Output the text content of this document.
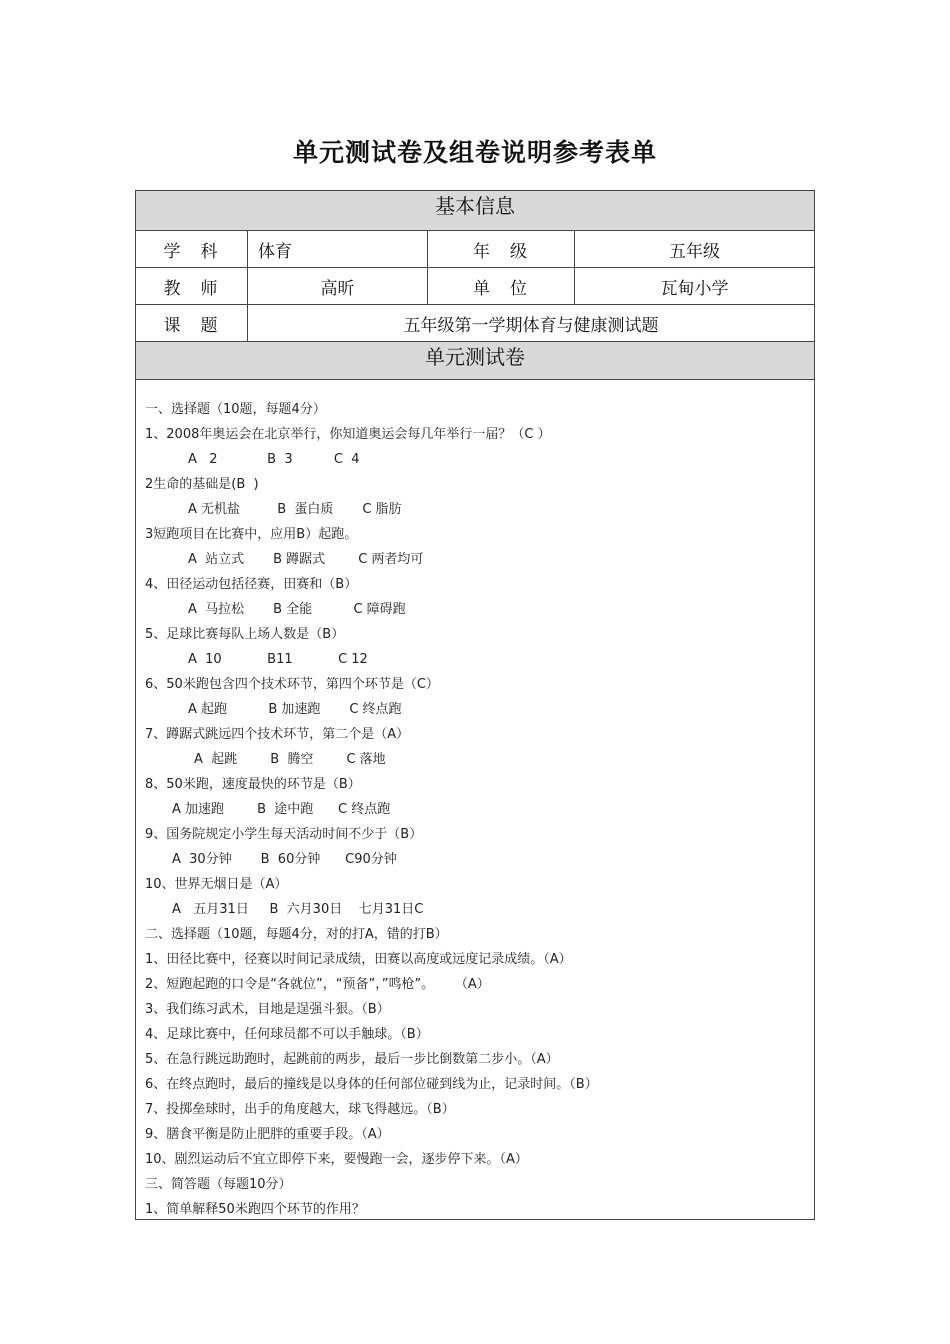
单元测试卷及组卷说明参考表单
基本信息
学科	体育	年级	五年级
教师	高昕	单位	瓦甸小学
课题	五年级第一学期体育与健康测试题
单元测试卷
一、选择题（10题，每题4分）
1、2008年奥运会在北京举行，你知道奥运会每几年举行一届？（C ）
A   2            B  3          C  4
2生命的基础是(B  )
A 无机盐         B  蛋白质       C 脂肪
3短跑项目在比赛中，应用B）起跑。
A  站立式       B 蹲踞式        C 两者均可
4、田径运动包括径赛，田赛和（B）
A  马拉松       B 全能          C 障碍跑
5、足球比赛每队上场人数是（B）
A  10           B11           C 12
6、50米跑包含四个技术环节，第四个环节是（C）
A 起跑          B 加速跑       C 终点跑
7、蹲踞式跳远四个技术环节，第二个是（A）
A  起跳        B  腾空        C 落地
8、50米跑，速度最快的环节是（B）
A 加速跑        B  途中跑      C 终点跑
9、国务院规定小学生每天活动时间不少于（B）
A  30分钟       B  60分钟      C90分钟
10、世界无烟日是（A）
A   五月31日     B  六月30日    七月31日C
二、选择题（10题，每题4分，对的打A，错的打B）
1、田径比赛中，径赛以时间记录成绩，田赛以高度或远度记录成绩。（A）
2、短跑起跑的口令是“各就位”，“预备”，”鸣枪”。     （A）
3、我们练习武术，目地是逞强斗狠。（B）
4、足球比赛中，任何球员都不可以手触球。（B）
5、在急行跳远助跑时，起跳前的两步，最后一步比倒数第二步小。（A）
6、在终点跑时，最后的撞线是以身体的任何部位碰到线为止，记录时间。（B）
7、投掷垒球时，出手的角度越大，球飞得越远。（B）
9、膳食平衡是防止肥胖的重要手段。（A）
10、剧烈运动后不宜立即停下来，要慢跑一会，逐步停下来。（A）
三、简答题（每题10分）
1、简单解释50米跑四个环节的作用？
